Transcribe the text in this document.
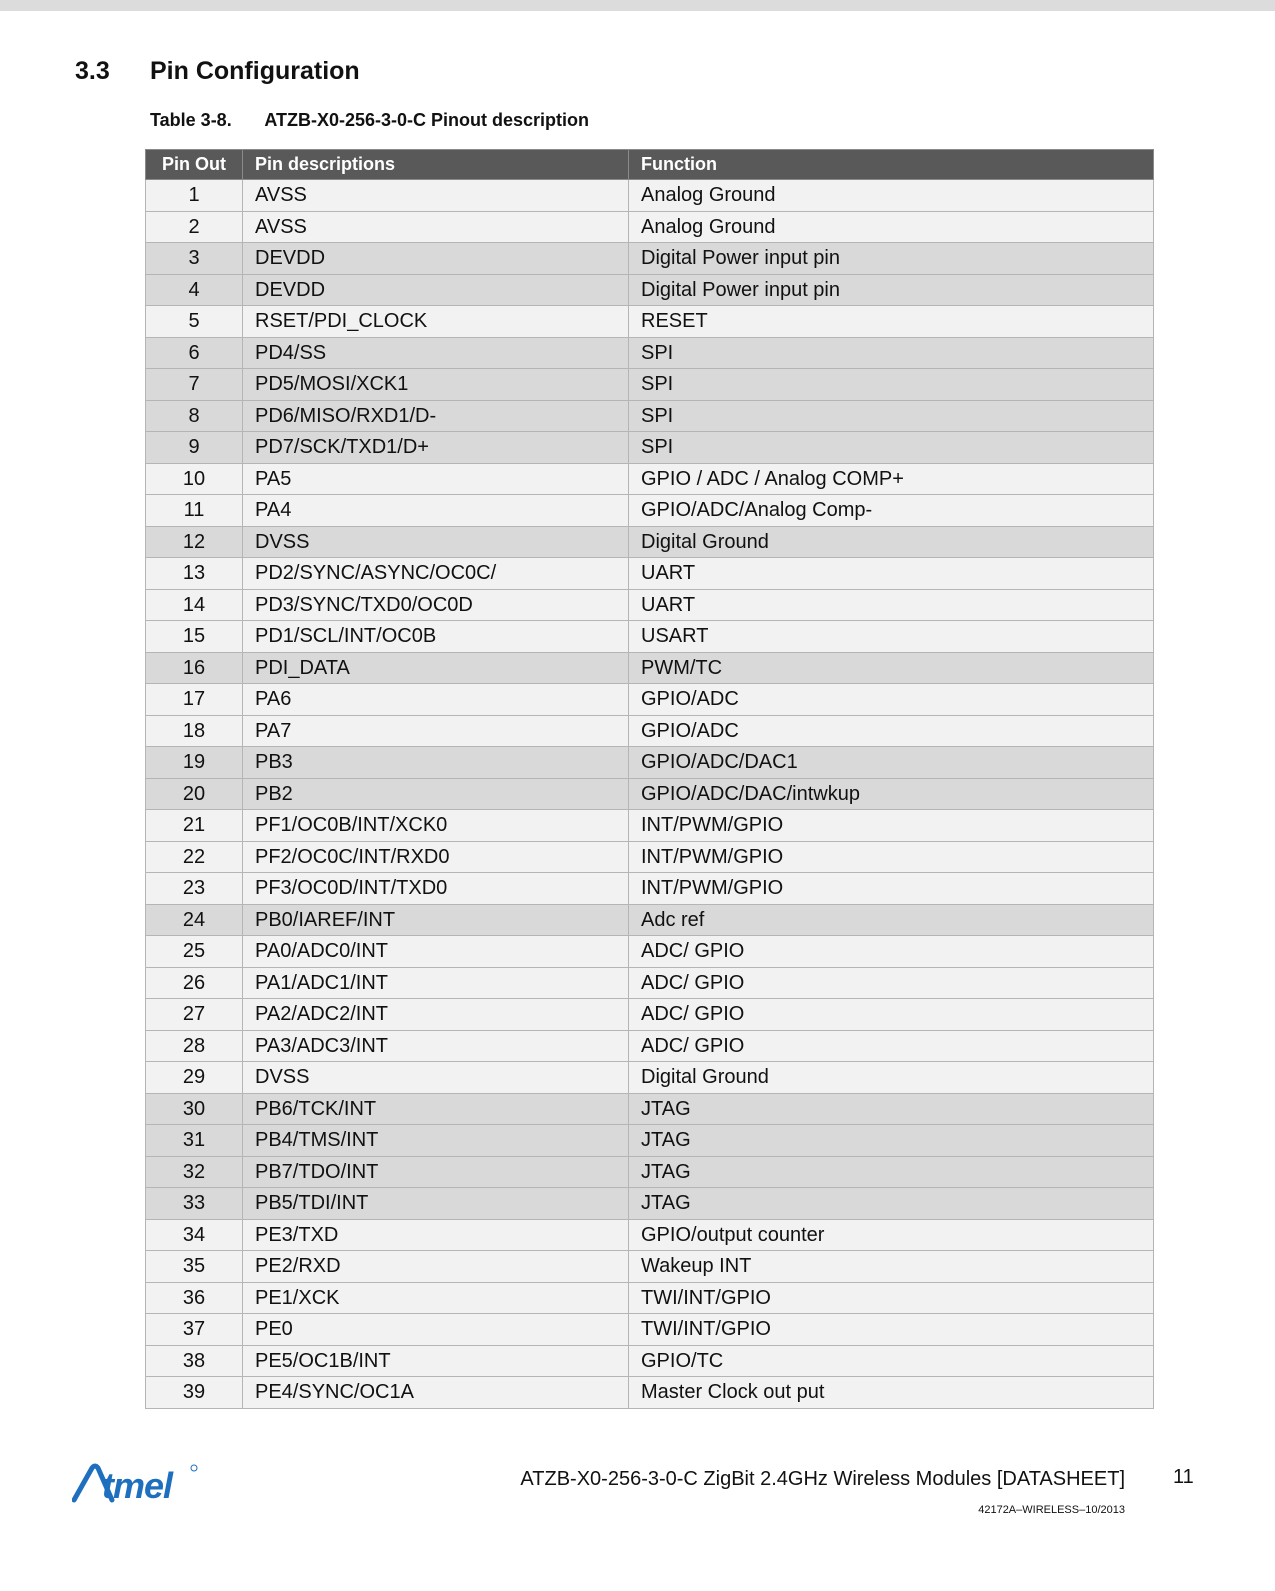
3.3	Pin Configuration
Table 3-8. ATZB-X0-256-3-0-C Pinout description
Pin Out	Pin descriptions	Function
1	AVSS	Analog Ground
2	AVSS	Analog Ground
3	DEVDD	Digital Power input pin
4	DEVDD	Digital Power input pin
5	RSET/PDI_CLOCK	RESET
6	PD4/SS	SPI
7	PD5/MOSI/XCK1	SPI
8	PD6/MISO/RXD1/D-	SPI
9	PD7/SCK/TXD1/D+	SPI
10	PA5	GPIO / ADC / Analog COMP+
11	PA4	GPIO/ADC/Analog Comp-
12	DVSS	Digital Ground
13	PD2/SYNC/ASYNC/OC0C/	UART
14	PD3/SYNC/TXD0/OC0D	UART
15	PD1/SCL/INT/OC0B	USART
16	PDI_DATA	PWM/TC
17	PA6	GPIO/ADC
18	PA7	GPIO/ADC
19	PB3	GPIO/ADC/DAC1
20	PB2	GPIO/ADC/DAC/intwkup
21	PF1/OC0B/INT/XCK0	INT/PWM/GPIO
22	PF2/OC0C/INT/RXD0	INT/PWM/GPIO
23	PF3/OC0D/INT/TXD0	INT/PWM/GPIO
24	PB0/IAREF/INT	Adc ref
25	PA0/ADC0/INT	ADC/ GPIO
26	PA1/ADC1/INT	ADC/ GPIO
27	PA2/ADC2/INT	ADC/ GPIO
28	PA3/ADC3/INT	ADC/ GPIO
29	DVSS	Digital Ground
30	PB6/TCK/INT	JTAG
31	PB4/TMS/INT	JTAG
32	PB7/TDO/INT	JTAG
33	PB5/TDI/INT	JTAG
34	PE3/TXD	GPIO/output counter
35	PE2/RXD	Wakeup INT
36	PE1/XCK	TWI/INT/GPIO
37	PE0	TWI/INT/GPIO
38	PE5/OC1B/INT	GPIO/TC
39	PE4/SYNC/OC1A	Master Clock out put
tmel	ATZB-X0-256-3-0-C ZigBit 2.4GHz Wireless Modules [DATASHEET]
42172A–WIRELESS–10/2013
11
